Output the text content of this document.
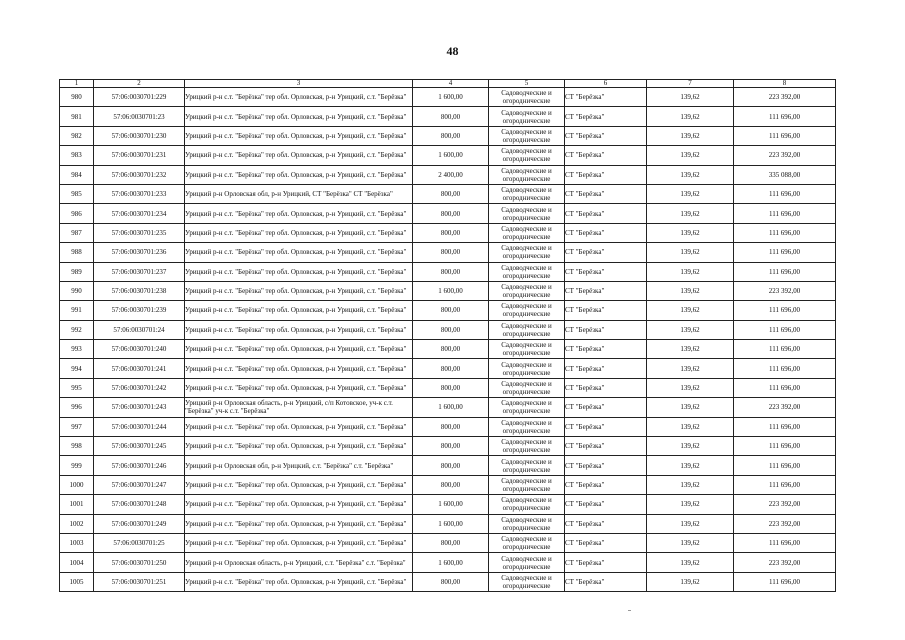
48
1	2	3	4	5	6	7	8
980	57:06:0030701:229	Урицкий р-н с.т. "Берёзка" тер обл. Орловская, р-н Урицкий, с.т. "Берёзка"	1 600,00	Садоводческие и огороднические	СТ "Берёзка"	139,62	223 392,00
981	57:06:0030701:23	Урицкий р-н с.т. "Берёзка" тер обл. Орловская, р-н Урицкий, с.т. "Берёзка"	800,00	Садоводческие и огороднические	СТ "Берёзка"	139,62	111 696,00
982	57:06:0030701:230	Урицкий р-н с.т. "Берёзка" тер обл. Орловская, р-н Урицкий, с.т. "Берёзка"	800,00	Садоводческие и огороднические	СТ "Берёзка"	139,62	111 696,00
983	57:06:0030701:231	Урицкий р-н с.т. "Берёзка" тер обл. Орловская, р-н Урицкий, с.т. "Берёзка"	1 600,00	Садоводческие и огороднические	СТ "Берёзка"	139,62	223 392,00
984	57:06:0030701:232	Урицкий р-н с.т. "Берёзка" тер обл. Орловская, р-н Урицкий, с.т. "Берёзка"	2 400,00	Садоводческие и огороднические	СТ "Берёзка"	139,62	335 088,00
985	57:06:0030701:233	Урицкий р-н Орловская обл, р-н Урицкий, СТ "Берёзка" СТ "Берёзка"	800,00	Садоводческие и огороднические	СТ "Берёзка"	139,62	111 696,00
986	57:06:0030701:234	Урицкий р-н с.т. "Берёзка" тер обл. Орловская, р-н Урицкий, с.т. "Берёзка"	800,00	Садоводческие и огороднические	СТ "Берёзка"	139,62	111 696,00
987	57:06:0030701:235	Урицкий р-н с.т. "Берёзка" тер обл. Орловская, р-н Урицкий, с.т. "Берёзка"	800,00	Садоводческие и огороднические	СТ "Берёзка"	139,62	111 696,00
988	57:06:0030701:236	Урицкий р-н с.т. "Берёзка" тер обл. Орловская, р-н Урицкий, с.т. "Берёзка"	800,00	Садоводческие и огороднические	СТ "Берёзка"	139,62	111 696,00
989	57:06:0030701:237	Урицкий р-н с.т. "Берёзка" тер обл. Орловская, р-н Урицкий, с.т. "Берёзка"	800,00	Садоводческие и огороднические	СТ "Берёзка"	139,62	111 696,00
990	57:06:0030701:238	Урицкий р-н с.т. "Берёзка" тер обл. Орловская, р-н Урицкий, с.т. "Берёзка"	1 600,00	Садоводческие и огороднические	СТ "Берёзка"	139,62	223 392,00
991	57:06:0030701:239	Урицкий р-н с.т. "Берёзка" тер обл. Орловская, р-н Урицкий, с.т. "Берёзка"	800,00	Садоводческие и огороднические	СТ "Берёзка"	139,62	111 696,00
992	57:06:0030701:24	Урицкий р-н с.т. "Берёзка" тер обл. Орловская, р-н Урицкий, с.т. "Берёзка"	800,00	Садоводческие и огороднические	СТ "Берёзка"	139,62	111 696,00
993	57:06:0030701:240	Урицкий р-н с.т. "Берёзка" тер обл. Орловская, р-н Урицкий, с.т. "Берёзка"	800,00	Садоводческие и огороднические	СТ "Берёзка"	139,62	111 696,00
994	57:06:0030701:241	Урицкий р-н с.т. "Берёзка" тер обл. Орловская, р-н Урицкий, с.т. "Берёзка"	800,00	Садоводческие и огороднические	СТ "Берёзка"	139,62	111 696,00
995	57:06:0030701:242	Урицкий р-н с.т. "Берёзка" тер обл. Орловская, р-н Урицкий, с.т. "Берёзка"	800,00	Садоводческие и огороднические	СТ "Берёзка"	139,62	111 696,00
996	57:06:0030701:243	Урицкий р-н Орловская область, р-н Урицкий, с/п Котовское, уч-к с.т. "Берёзка" уч-к с.т. "Берёзка"	1 600,00	Садоводческие и огороднические	СТ "Берёзка"	139,62	223 392,00
997	57:06:0030701:244	Урицкий р-н с.т. "Берёзка" тер обл. Орловская, р-н Урицкий, с.т. "Берёзка"	800,00	Садоводческие и огороднические	СТ "Берёзка"	139,62	111 696,00
998	57:06:0030701:245	Урицкий р-н с.т. "Берёзка" тер обл. Орловская, р-н Урицкий, с.т. "Берёзка"	800,00	Садоводческие и огороднические	СТ "Берёзка"	139,62	111 696,00
999	57:06:0030701:246	Урицкий р-н Орловская обл, р-н Урицкий, с.т. "Берёзка" с.т. "Берёзка"	800,00	Садоводческие и огороднические	СТ "Берёзка"	139,62	111 696,00
1000	57:06:0030701:247	Урицкий р-н с.т. "Берёзка" тер обл. Орловская, р-н Урицкий, с.т. "Берёзка"	800,00	Садоводческие и огороднические	СТ "Берёзка"	139,62	111 696,00
1001	57:06:0030701:248	Урицкий р-н с.т. "Берёзка" тер обл. Орловская, р-н Урицкий, с.т. "Берёзка"	1 600,00	Садоводческие и огороднические	СТ "Берёзка"	139,62	223 392,00
1002	57:06:0030701:249	Урицкий р-н с.т. "Берёзка" тер обл. Орловская, р-н Урицкий, с.т. "Берёзка"	1 600,00	Садоводческие и огороднические	СТ "Берёзка"	139,62	223 392,00
1003	57:06:0030701:25	Урицкий р-н с.т. "Берёзка" тер обл. Орловская, р-н Урицкий, с.т. "Берёзка"	800,00	Садоводческие и огороднические	СТ "Берёзка"	139,62	111 696,00
1004	57:06:0030701:250	Урицкий р-н Орловская область, р-н Урицкий, с.т. "Берёзка" с.т. "Берёзка"	1 600,00	Садоводческие и огороднические	СТ "Берёзка"	139,62	223 392,00
1005	57:06:0030701:251	Урицкий р-н с.т. "Берёзка" тер обл. Орловская, р-н Урицкий, с.т. "Берёзка"	800,00	Садоводческие и огороднические	СТ "Берёзка"	139,62	111 696,00
